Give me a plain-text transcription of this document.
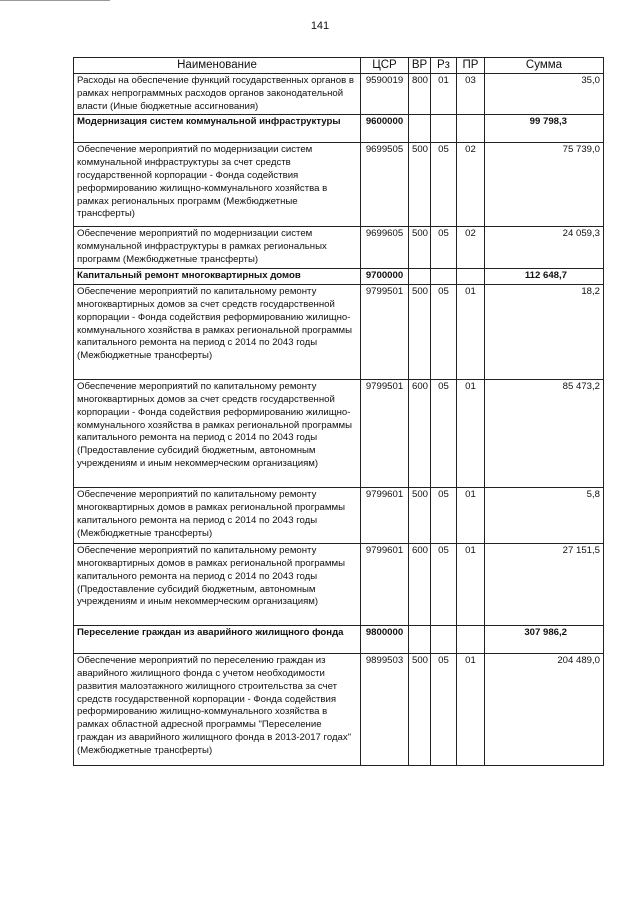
141
Наименование	ЦСР	ВР	Рз	ПР	Сумма
Расходы на обеспечение функций государственных органов в рамках непрограммных расходов органов законодательной власти (Иные бюджетные ассигнования)	9590019	800	01	03	35,0
Модернизация систем коммунальной инфраструктуры	9600000				99 798,3
Обеспечение мероприятий по модернизации систем коммунальной инфраструктуры за счет средств государственной корпорации - Фонда содействия реформированию жилищно-коммунального хозяйства в рамках региональных программ (Межбюджетные трансферты)	9699505	500	05	02	75 739,0
Обеспечение мероприятий по модернизации систем коммунальной инфраструктуры в рамках региональных программ (Межбюджетные трансферты)	9699605	500	05	02	24 059,3
Капитальный ремонт многоквартирных домов	9700000				112 648,7
Обеспечение мероприятий по капитальному ремонту многоквартирных домов за счет средств государственной корпорации - Фонда содействия реформированию жилищно-коммунального хозяйства в рамках региональной программы капитального ремонта на период с 2014 по 2043 годы (Межбюджетные трансферты)	9799501	500	05	01	18,2
Обеспечение мероприятий по капитальному ремонту многоквартирных домов за счет средств государственной корпорации - Фонда содействия реформированию жилищно-коммунального хозяйства в рамках региональной программы капитального ремонта на период с 2014 по 2043 годы (Предоставление субсидий бюджетным, автономным учреждениям и иным некоммерческим организациям)	9799501	600	05	01	85 473,2
Обеспечение мероприятий по капитальному ремонту многоквартирных домов в рамках региональной программы капитального ремонта на период с 2014 по 2043 годы (Межбюджетные трансферты)	9799601	500	05	01	5,8
Обеспечение мероприятий по капитальному ремонту многоквартирных домов в рамках региональной программы капитального ремонта на период с 2014 по 2043 годы (Предоставление субсидий бюджетным, автономным учреждениям и иным некоммерческим организациям)	9799601	600	05	01	27 151,5
Переселение граждан из аварийного жилищного фонда	9800000				307 986,2
Обеспечение мероприятий по переселению граждан из аварийного жилищного фонда с учетом необходимости развития малоэтажного жилищного строительства за счет средств государственной корпорации - Фонда содействия реформированию жилищно-коммунального хозяйства в рамках областной адресной программы "Переселение граждан из аварийного жилищного фонда в 2013-2017 годах" (Межбюджетные трансферты)	9899503	500	05	01	204 489,0
